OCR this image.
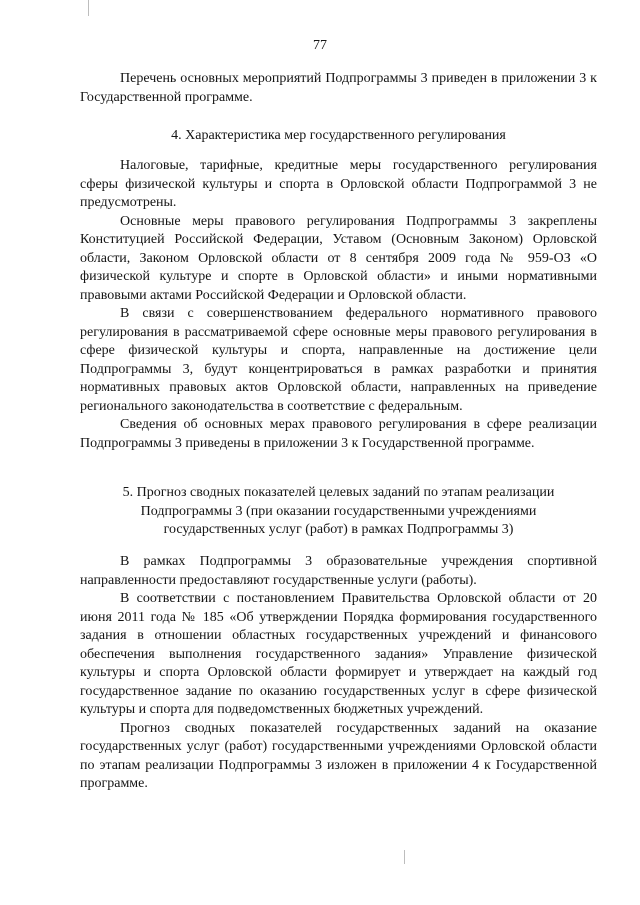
77

Перечень основных мероприятий Подпрограммы 3 приведен в приложении 3 к Государственной программе.

4. Характеристика мер государственного регулирования

Налоговые, тарифные, кредитные меры государственного регулирования сферы физической культуры и спорта в Орловской области Подпрограммой 3 не предусмотрены.

Основные меры правового регулирования Подпрограммы 3 закреплены Конституцией Российской Федерации, Уставом (Основным Законом) Орловской области, Законом Орловской области от 8 сентября 2009 года № 959-ОЗ «О физической культуре и спорте в Орловской области» и иными нормативными правовыми актами Российской Федерации и Орловской области.

В связи с совершенствованием федерального нормативного правового регулирования в рассматриваемой сфере основные меры правового регулирования в сфере физической культуры и спорта, направленные на достижение цели Подпрограммы 3, будут концентрироваться в рамках разработки и принятия нормативных правовых актов Орловской области, направленных на приведение регионального законодательства в соответствие с федеральным.

Сведения об основных мерах правового регулирования в сфере реализации Подпрограммы 3 приведены в приложении 3 к Государственной программе.

5. Прогноз сводных показателей целевых заданий по этапам реализации
Подпрограммы 3 (при оказании государственными учреждениями
государственных услуг (работ) в рамках Подпрограммы 3)

В рамках Подпрограммы 3 образовательные учреждения спортивной направленности предоставляют государственные услуги (работы).

В соответствии с постановлением Правительства Орловской области от 20 июня 2011 года № 185 «Об утверждении Порядка формирования государственного задания в отношении областных государственных учреждений и финансового обеспечения выполнения государственного задания» Управление физической культуры и спорта Орловской области формирует и утверждает на каждый год государственное задание по оказанию государственных услуг в сфере физической культуры и спорта для подведомственных бюджетных учреждений.

Прогноз сводных показателей государственных заданий на оказание государственных услуг (работ) государственными учреждениями Орловской области по этапам реализации Подпрограммы 3 изложен в приложении 4 к Государственной программе.
